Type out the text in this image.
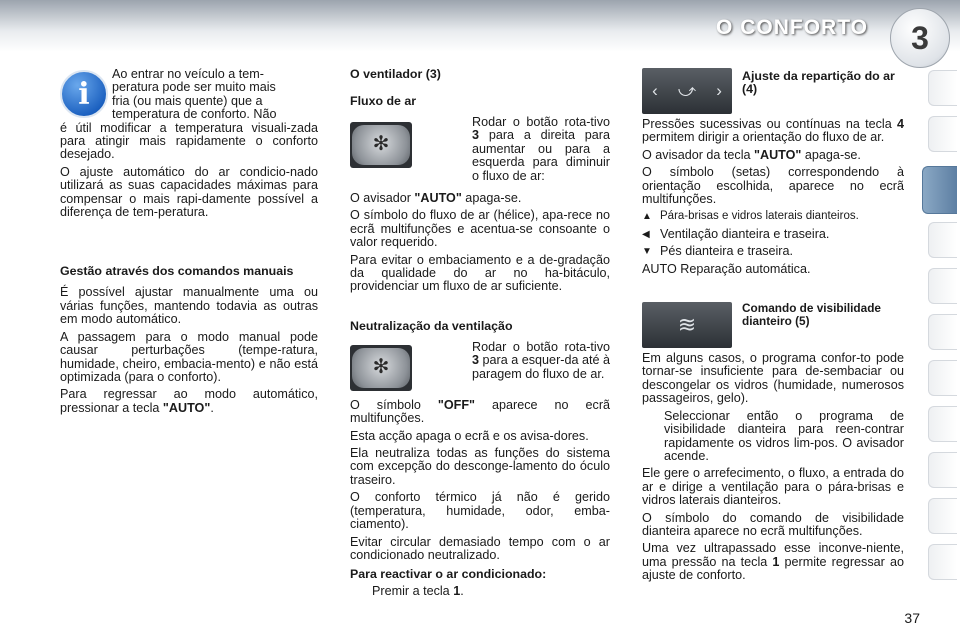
O CONFORTO	3
i

Ao entrar no veículo a tem-

peratura pode ser muito mais

fria (ou mais quente) que a

temperatura de conforto. Não

é útil modificar a temperatura visuali-zada para atingir mais rapidamente o conforto desejado.

O ajuste automático do ar condicio-nado utilizará as suas capacidades máximas para compensar o mais rapi-damente possível a diferença de tem-peratura.

Gestão através dos comandos manuais

É possível ajustar manualmente uma ou várias funções, mantendo todavia as outras em modo automático.

A passagem para o modo manual pode causar perturbações (tempe-ratura, humidade, cheiro, embacia-mento) e não está optimizada (para o conforto).

Para regressar ao modo automático, pressionar a tecla "AUTO".

O ventilador (3)
Fluxo de ar
✻
Rodar o botão rota-tivo 3 para a direita para aumentar ou para a esquerda para diminuir o fluxo de ar:

O avisador "AUTO" apaga-se.

O símbolo do fluxo de ar (hélice), apa-rece no ecrã multifunções e acentua-se consoante o valor requerido.

Para evitar o embaciamento e a de-gradação da qualidade do ar no ha-bitáculo, providenciar um fluxo de ar suficiente.

Neutralização da ventilação
✻
Rodar o botão rota-tivo 3 para a esquer-da até à paragem do fluxo de ar.

O símbolo "OFF" aparece no ecrã multifunções.

Esta acção apaga o ecrã e os avisa-dores.

Ela neutraliza todas as funções do sistema com excepção do desconge-lamento do óculo traseiro.

O conforto térmico já não é gerido (temperatura, humidade, odor, emba-ciamento).

Evitar circular demasiado tempo com o ar condicionado neutralizado.

Para reactivar o ar condicionado:
Premir a tecla 1.
‹ ⤻ ›
Ajuste da repartição do ar (4)

Pressões sucessivas ou contínuas na tecla 4 permitem dirigir a orientação do fluxo de ar.

O avisador da tecla "AUTO" apaga-se.

O símbolo (setas) correspondendo à orientação escolhida, aparece no ecrã multifunções.

▲ Pára-brisas e vidros laterais dianteiros.
◀ Ventilação dianteira e traseira.
▼ Pés dianteira e traseira.

AUTO Reparação automática.

≋
Comando de visibilidade dianteiro (5)

Em alguns casos, o programa confor-to pode tornar-se insuficiente para de-sembaciar ou descongelar os vidros (humidade, numerosos passageiros, gelo).

Seleccionar então o programa de visibilidade dianteira para reen-contrar rapidamente os vidros lim-pos. O avisador acende.

Ele gere o arrefecimento, o fluxo, a entrada do ar e dirige a ventilação para o pára-brisas e vidros laterais dianteiros.

O símbolo do comando de visibilidade dianteira aparece no ecrã multifunções.

Uma vez ultrapassado esse inconve-niente, uma pressão na tecla 1 permite regressar ao ajuste de conforto.

37
